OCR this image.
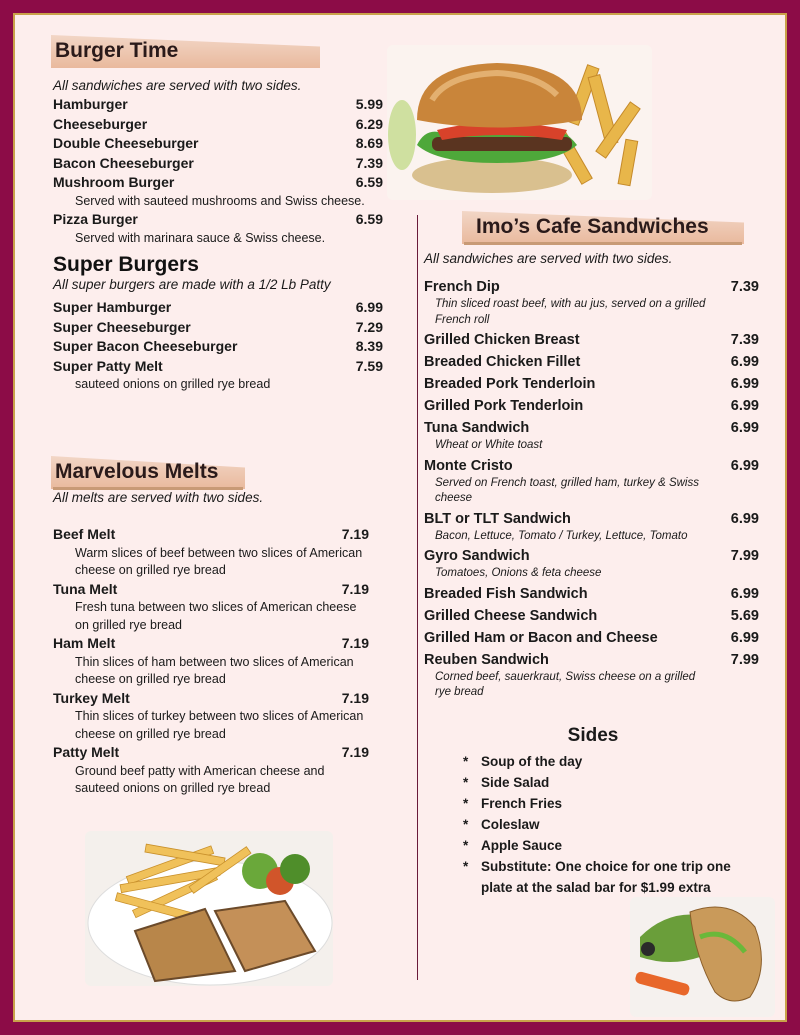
Burger Time
All sandwiches are served with two sides.
Hamburger	5.99
Cheeseburger	6.29
Double Cheeseburger	8.69
Bacon Cheeseburger	7.39
Mushroom Burger	6.59
Served with sauteed mushrooms and Swiss cheese.
Pizza Burger	6.59
Served with marinara sauce & Swiss cheese.
Super Burgers
All super burgers are made with a 1/2 Lb Patty
Super Hamburger	6.99
Super Cheeseburger	7.29
Super Bacon Cheeseburger	8.39
Super Patty Melt	7.59
sauteed onions on grilled rye bread
Marvelous Melts
All melts are served with two sides.
Beef Melt	7.19
Warm slices of beef between two slices of American cheese on grilled rye bread
Tuna Melt	7.19
Fresh tuna between two slices of American cheese on grilled rye bread
Ham Melt	7.19
Thin slices of ham between two slices of American cheese on grilled rye bread
Turkey Melt	7.19
Thin slices of turkey between two slices of American cheese on grilled rye bread
Patty Melt	7.19
Ground beef patty with American cheese and sauteed onions on grilled rye bread
Imo’s Cafe Sandwiches
All sandwiches are served with two sides.
French Dip	7.39
Thin sliced roast beef, with au jus, served on a grilled French roll
Grilled Chicken Breast	7.39
Breaded Chicken Fillet	6.99
Breaded Pork Tenderloin	6.99
Grilled Pork Tenderloin	6.99
Tuna Sandwich	6.99
Wheat or White toast
Monte Cristo	6.99
Served on French toast, grilled ham, turkey & Swiss cheese
BLT or TLT Sandwich	6.99
Bacon, Lettuce, Tomato / Turkey, Lettuce, Tomato
Gyro Sandwich	7.99
Tomatoes, Onions & feta cheese
Breaded Fish Sandwich	6.99
Grilled Cheese Sandwich	5.69
Grilled Ham or Bacon and Cheese	6.99
Reuben Sandwich	7.99
Corned beef, sauerkraut, Swiss cheese on a grilled rye bread
Sides
* Soup of the day
* Side Salad
* French Fries
* Coleslaw
* Apple Sauce
* Substitute: One choice for one trip one plate at the salad bar for $1.99 extra
